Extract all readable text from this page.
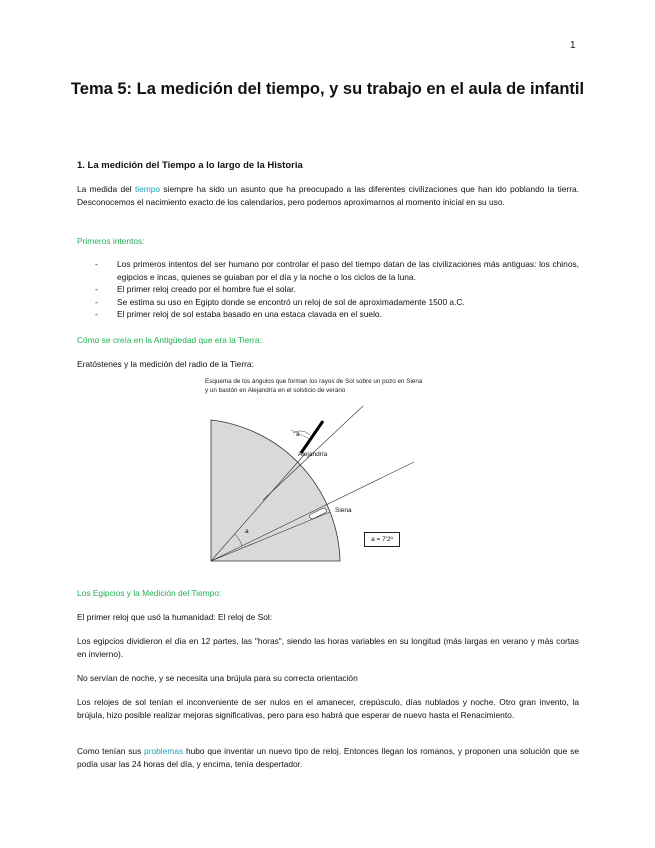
1
Tema 5: La medición del tiempo, y su trabajo en el aula de infantil
1. La medición del Tiempo a lo largo de la Historia

La medida del tiempo siempre ha sido un asunto que ha preocupado a las diferentes civilizaciones que han ido poblando la tierra. Desconocemos el nacimiento exacto de los calendarios, pero podemos aproximarnos al momento inicial en su uso.

Primeros intentos:
- Los primeros intentos del ser humano por controlar el paso del tiempo datan de las civilizaciones más antiguas: los chinos, egipcios e incas, quienes se guiaban por el día y la noche o los ciclos de la luna.
- El primer reloj creado por el hombre fue el solar.
- Se estima su uso en Egipto donde se encontró un reloj de sol de aproximadamente 1500 a.C.
- El primer reloj de sol estaba basado en una estaca clavada en el suelo.
Cómo se creía en la Antigüedad que era la Tierra:
Eratóstenes y la medición del radio de la Tierra:
Esquema de los ángulos que forman los rayos de Sol sobre un pozo en Siena y un bastón en Alejandría en el solsticio de verano
a
Alejandría
Siena
a
a = 7'2º
Los Egipcios y la Medición del Tiempo:
El primer reloj que usó la humanidad: El reloj de Sol:

Los egipcios dividieron el día en 12 partes, las "horas", siendo las horas variables en su longitud (más largas en verano y más cortas en invierno).

No servían de noche, y se necesita una brújula para su correcta orientación

Los relojes de sol tenían el inconveniente de ser nulos en el amanecer, crepúsculo, días nublados y noche. Otro gran invento, la brújula, hizo posible realizar mejoras significativas, pero para eso habrá que esperar de nuevo hasta el Renacimiento.

Como tenían sus problemas hubo que inventar un nuevo tipo de reloj. Entonces llegan los romanos, y proponen una solución que se podía usar las 24 horas del día, y encima, tenía despertador.
